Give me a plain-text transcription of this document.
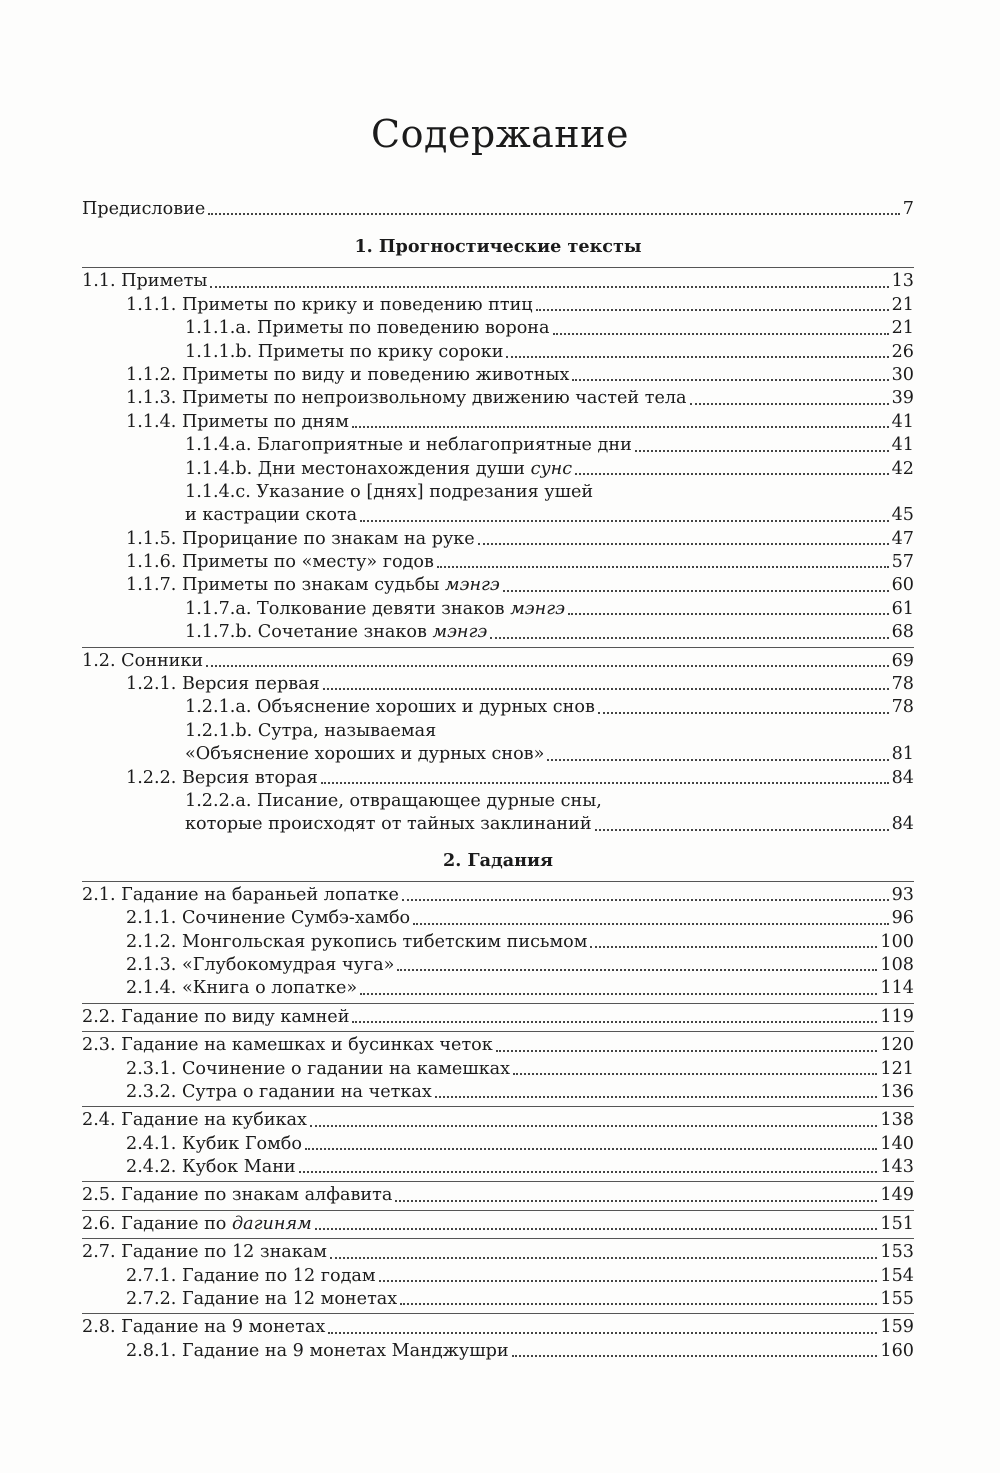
Содержание
Предисловие	7
1. Прогностические тексты
1.1. Приметы	13
1.1.1. Приметы по крику и поведению птиц	21
1.1.1.a. Приметы по поведению ворона	21
1.1.1.b. Приметы по крику сороки	26
1.1.2. Приметы по виду и поведению животных	30
1.1.3. Приметы по непроизвольному движению частей тела	39
1.1.4. Приметы по дням	41
1.1.4.a. Благоприятные и неблагоприятные дни	41
1.1.4.b. Дни местонахождения души сунс	42
1.1.4.c. Указание о [днях] подрезания ушей
и кастрации скота	45
1.1.5. Прорицание по знакам на руке	47
1.1.6. Приметы по «месту» годов	57
1.1.7. Приметы по знакам судьбы мэнгэ	60
1.1.7.a. Толкование девяти знаков мэнгэ	61
1.1.7.b. Сочетание знаков мэнгэ	68
1.2. Сонники	69
1.2.1. Версия первая	78
1.2.1.a. Объяснение хороших и дурных снов	78
1.2.1.b. Сутра, называемая
«Объяснение хороших и дурных снов»	81
1.2.2. Версия вторая	84
1.2.2.a. Писание, отвращающее дурные сны,
которые происходят от тайных заклинаний	84
2. Гадания
2.1. Гадание на бараньей лопатке	93
2.1.1. Сочинение Сумбэ-хамбо	96
2.1.2. Монгольская рукопись тибетским письмом	100
2.1.3. «Глубокомудрая чуга»	108
2.1.4. «Книга о лопатке»	114
2.2. Гадание по виду камней	119
2.3. Гадание на камешках и бусинках четок	120
2.3.1. Сочинение о гадании на камешках	121
2.3.2. Сутра о гадании на четках	136
2.4. Гадание на кубиках	138
2.4.1. Кубик Гомбо	140
2.4.2. Кубок Мани	143
2.5. Гадание по знакам алфавита	149
2.6. Гадание по дагиням	151
2.7. Гадание по 12 знакам	153
2.7.1. Гадание по 12 годам	154
2.7.2. Гадание на 12 монетах	155
2.8. Гадание на 9 монетах	159
2.8.1. Гадание на 9 монетах Манджушри	160
